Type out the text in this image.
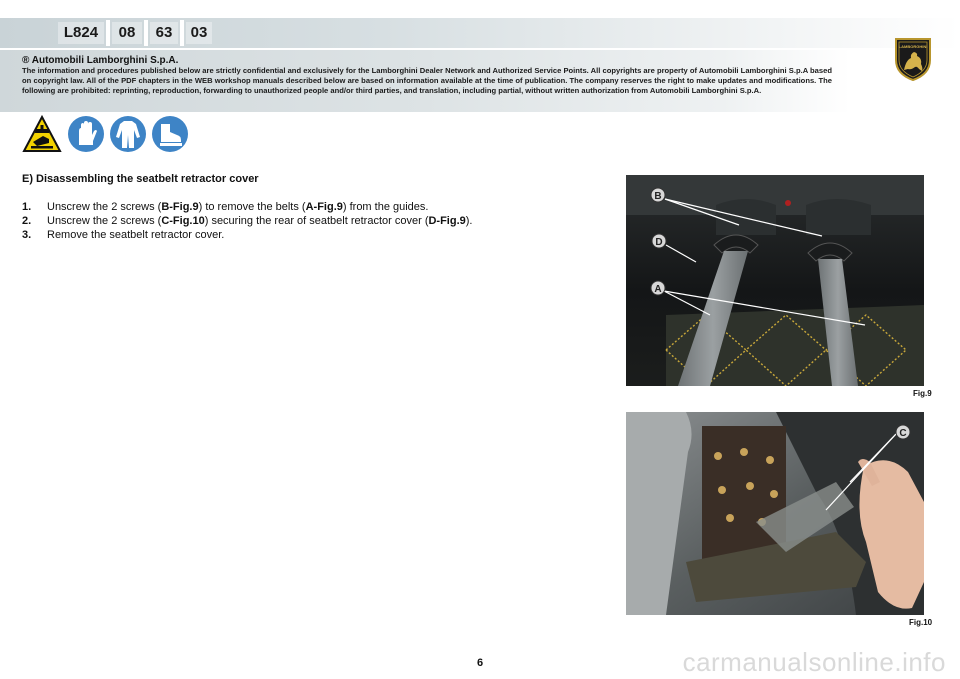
L824	08	63	03
® Automobili Lamborghini S.p.A.
The information and procedures published below are strictly confidential and exclusively for the Lamborghini Dealer Network and Authorized Service Points. All copyrights are property of Automobili Lamborghini S.p.A based on copyright law. All of the PDF chapters in the WEB workshop manuals described below are based on information available at the time of publication. The company reserves the right to make updates and modifications. The following are prohibited: reprinting, reproduction, forwarding to unauthorized people and/or third parties, and translation, including partial, without written authorization from Automobili Lamborghini S.p.A.
LAMBORGHINI
E) Disassembling the seatbelt retractor cover
1. Unscrew the 2 screws (B-Fig.9) to remove the belts (A-Fig.9) from the guides.
2. Unscrew the 2 screws (C-Fig.10) securing the rear of seatbelt retractor cover (D-Fig.9).
3. Remove the seatbelt retractor cover.
B
D
A
Fig.9
C
Fig.10
6	carmanualsonline.info
